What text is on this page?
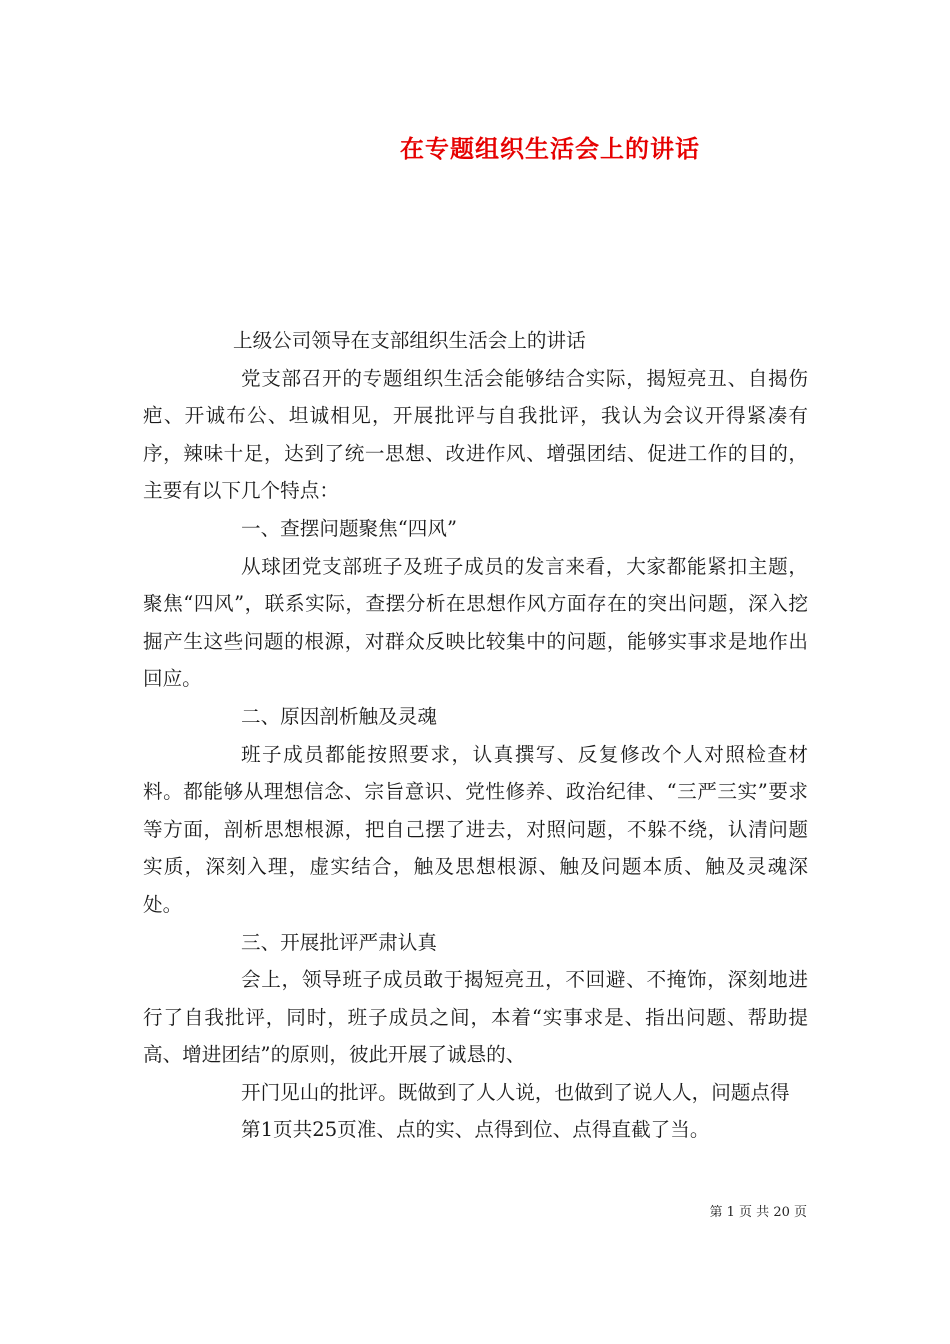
在专题组织生活会上的讲话

上级公司领导在支部组织生活会上的讲话

党支部召开的专题组织生活会能够结合实际，揭短亮丑、自揭伤疤、开诚布公、坦诚相见，开展批评与自我批评，我认为会议开得紧凑有序，辣味十足，达到了统一思想、改进作风、增强团结、促进工作的目的，主要有以下几个特点：

一、查摆问题聚焦“四风”

从球团党支部班子及班子成员的发言来看，大家都能紧扣主题，聚焦“四风”，联系实际，查摆分析在思想作风方面存在的突出问题，深入挖掘产生这些问题的根源，对群众反映比较集中的问题，能够实事求是地作出回应。

二、原因剖析触及灵魂

班子成员都能按照要求，认真撰写、反复修改个人对照检查材料。都能够从理想信念、宗旨意识、党性修养、政治纪律、“三严三实”要求等方面，剖析思想根源，把自己摆了进去，对照问题，不躲不绕，认清问题实质，深刻入理，虚实结合，触及思想根源、触及问题本质、触及灵魂深处。

三、开展批评严肃认真

会上，领导班子成员敢于揭短亮丑，不回避、不掩饰，深刻地进行了自我批评，同时，班子成员之间，本着“实事求是、指出问题、帮助提高、增进团结”的原则，彼此开展了诚恳的、

开门见山的批评。既做到了人人说，也做到了说人人，问题点得

第1页共25页准、点的实、点得到位、点得直截了当。

第 1 页 共 20 页
